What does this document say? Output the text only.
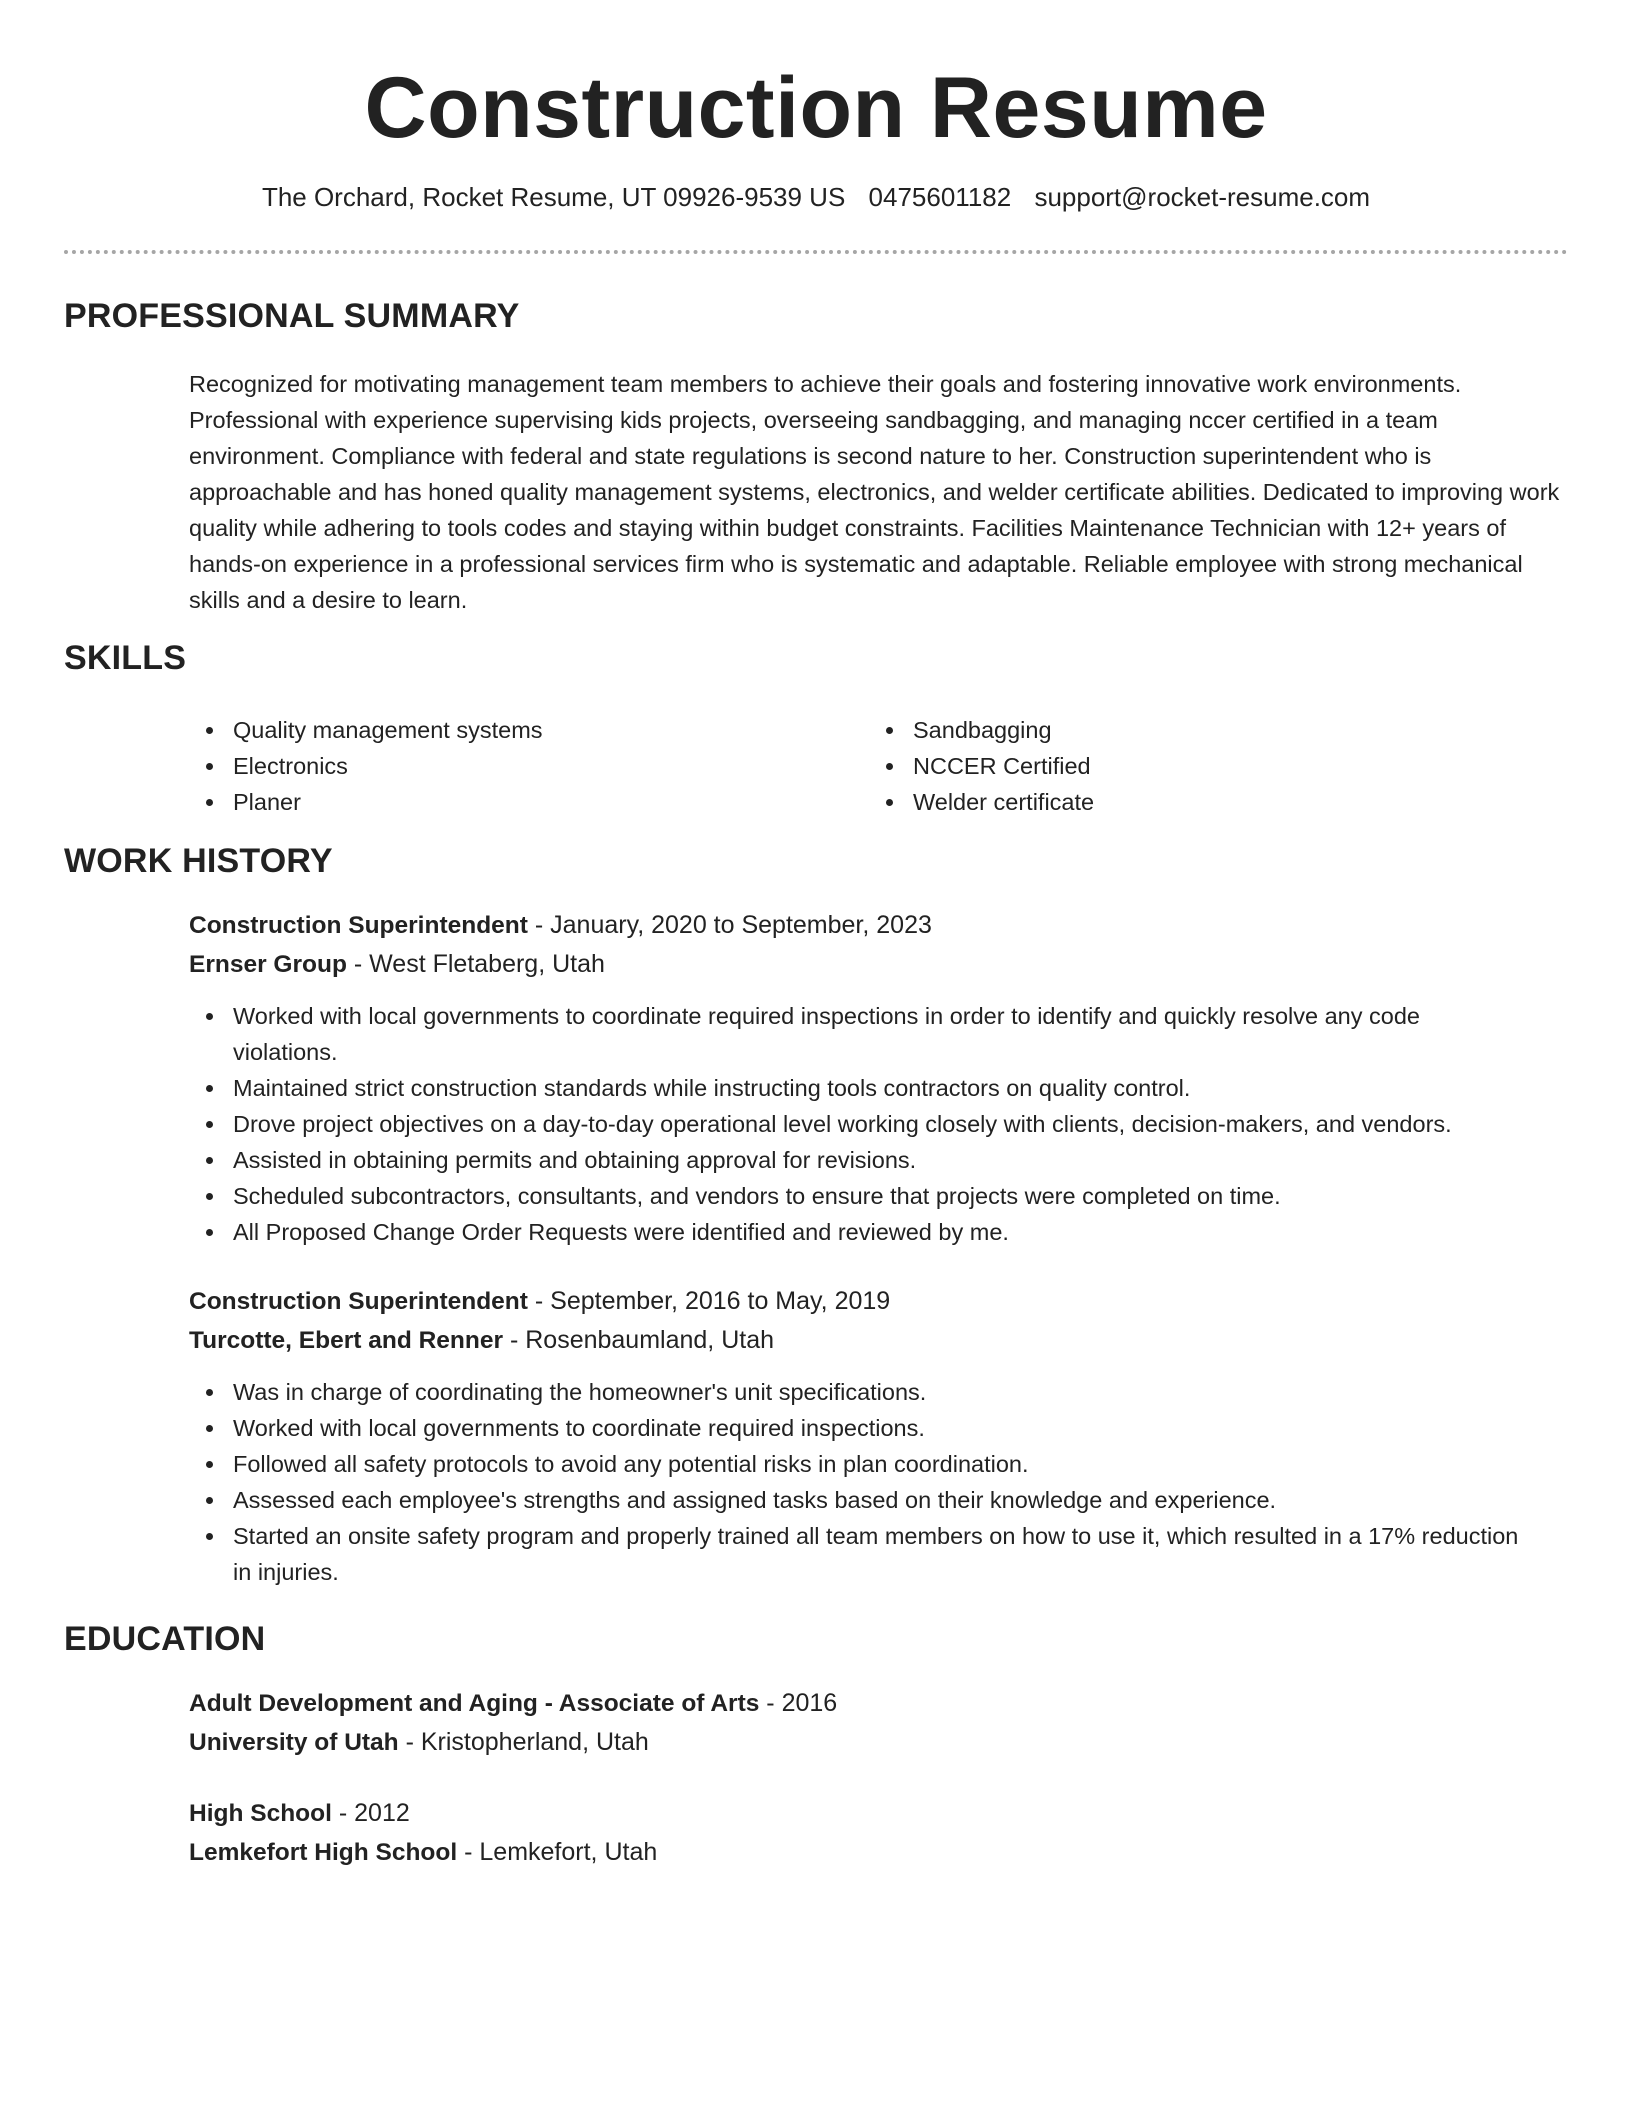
Construction Resume
The Orchard, Rocket Resume, UT 09926-9539 US 0475601182 support@rocket-resume.com
PROFESSIONAL SUMMARY

Recognized for motivating management team members to achieve their goals and fostering innovative work environments. Professional with experience supervising kids projects, overseeing sandbagging, and managing nccer certified in a team environment. Compliance with federal and state regulations is second nature to her. Construction superintendent who is approachable and has honed quality management systems, electronics, and welder certificate abilities. Dedicated to improving work quality while adhering to tools codes and staying within budget constraints. Facilities Maintenance Technician with 12+ years of hands-on experience in a professional services firm who is systematic and adaptable. Reliable employee with strong mechanical skills and a desire to learn.

SKILLS
Quality management systems
Electronics
Planer
Sandbagging
NCCER Certified
Welder certificate
WORK HISTORY
Construction Superintendent - January, 2020 to September, 2023
Ernser Group - West Fletaberg, Utah
Worked with local governments to coordinate required inspections in order to identify and quickly resolve any code violations.
Maintained strict construction standards while instructing tools contractors on quality control.
Drove project objectives on a day-to-day operational level working closely with clients, decision-makers, and vendors.
Assisted in obtaining permits and obtaining approval for revisions.
Scheduled subcontractors, consultants, and vendors to ensure that projects were completed on time.
All Proposed Change Order Requests were identified and reviewed by me.
Construction Superintendent - September, 2016 to May, 2019
Turcotte, Ebert and Renner - Rosenbaumland, Utah
Was in charge of coordinating the homeowner's unit specifications.
Worked with local governments to coordinate required inspections.
Followed all safety protocols to avoid any potential risks in plan coordination.
Assessed each employee's strengths and assigned tasks based on their knowledge and experience.
Started an onsite safety program and properly trained all team members on how to use it, which resulted in a 17% reduction in injuries.
EDUCATION
Adult Development and Aging - Associate of Arts - 2016
University of Utah - Kristopherland, Utah
High School - 2012
Lemkefort High School - Lemkefort, Utah
